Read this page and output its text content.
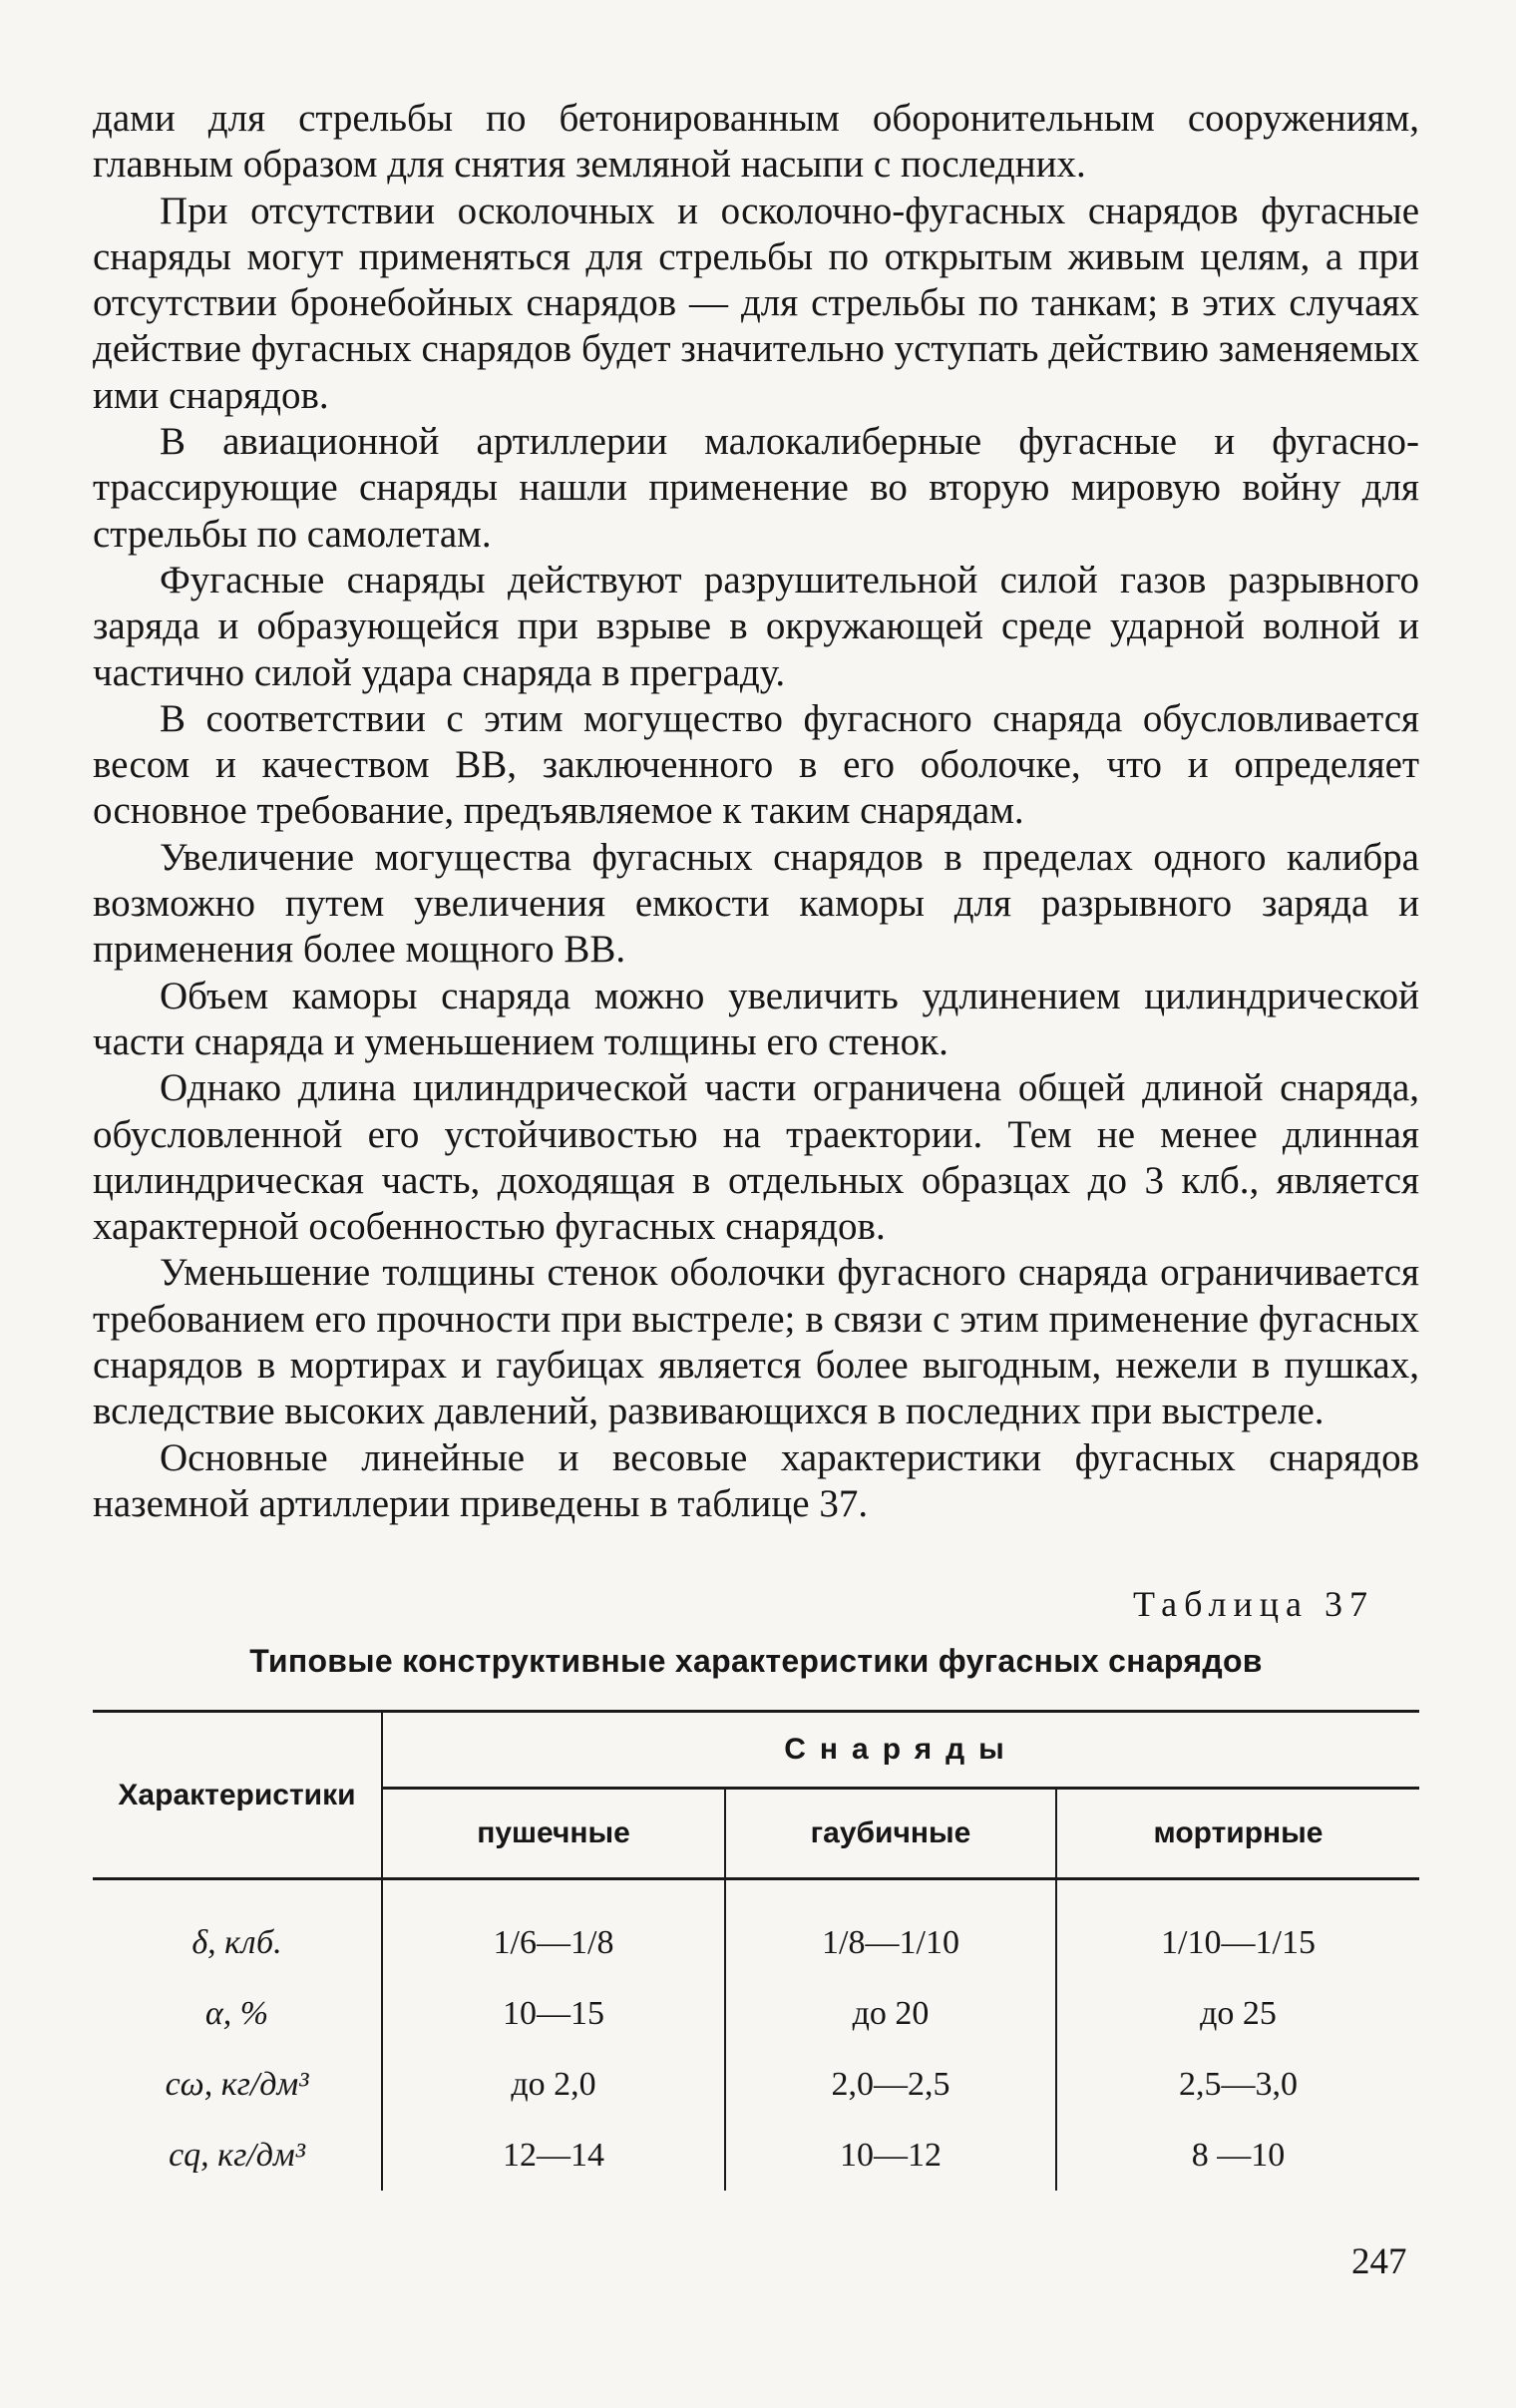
дами для стрельбы по бетонированным оборонительным сооружениям, главным образом для снятия земляной насыпи с последних.

При отсутствии осколочных и осколочно-фугасных снарядов фугасные снаряды могут применяться для стрельбы по открытым живым целям, а при отсутствии бронебойных снарядов — для стрельбы по танкам; в этих случаях действие фугасных снарядов будет значительно уступать действию заменяемых ими снарядов.

В авиационной артиллерии малокалиберные фугасные и фугасно-трассирующие снаряды нашли применение во вторую мировую войну для стрельбы по самолетам.

Фугасные снаряды действуют разрушительной силой газов разрывного заряда и образующейся при взрыве в окружающей среде ударной волной и частично силой удара снаряда в преграду.

В соответствии с этим могущество фугасного снаряда обусловливается весом и качеством ВВ, заключенного в его оболочке, что и определяет основное требование, предъявляемое к таким снарядам.

Увеличение могущества фугасных снарядов в пределах одного калибра возможно путем увеличения емкости каморы для разрывного заряда и применения более мощного ВВ.

Объем каморы снаряда можно увеличить удлинением цилиндрической части снаряда и уменьшением толщины его стенок.

Однако длина цилиндрической части ограничена общей длиной снаряда, обусловленной его устойчивостью на траектории. Тем не менее длинная цилиндрическая часть, доходящая в отдельных образцах до 3 клб., является характерной особенностью фугасных снарядов.

Уменьшение толщины стенок оболочки фугасного снаряда ограничивается требованием его прочности при выстреле; в связи с этим применение фугасных снарядов в мортирах и гаубицах является более выгодным, нежели в пушках, вследствие высоких давлений, развивающихся в последних при выстреле.

Основные линейные и весовые характеристики фугасных снарядов наземной артиллерии приведены в таблице 37.

Таблица 37
Типовые конструктивные характеристики фугасных снарядов
Характеристики	Снаряды		
	пушечные	гаубичные	мортирные
δ, клб.	1/6—1/8	1/8—1/10	1/10—1/15
α, %	10—15	до 20	до 25
cω, кг/дм³	до 2,0	2,0—2,5	2,5—3,0
cq, кг/дм³	12—14	10—12	8 —10
247
